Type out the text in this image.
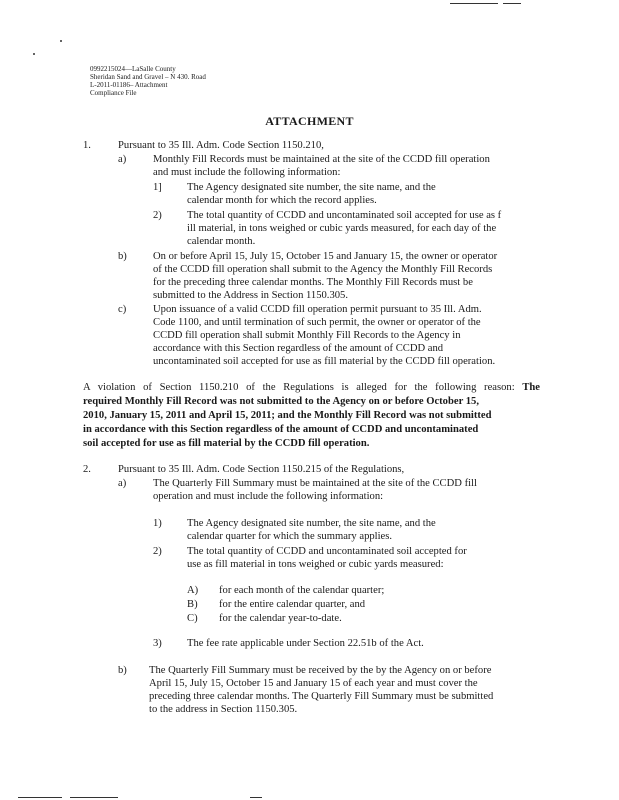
0992215024—LaSalle County
Sheridan Sand and Gravel – N 430. Road
L-2011-01186– Attachment
Compliance File
ATTACHMENT
1.	Pursuant to 35 Ill. Adm. Code Section 1150.210,
a)	Monthly Fill Records must be maintained at the site of the CCDD fill operation
and must include the following information:
1] The Agency designated site number, the site name, and the
calendar month for which the record applies.
2) The total quantity of CCDD and uncontaminated soil accepted for use as f
ill material, in tons weighed or cubic yards measured, for each day of the
calendar month.
b) On or before April 15, July 15, October 15 and January 15, the owner or operator
of the CCDD fill operation shall submit to the Agency the Monthly Fill Records
for the preceding three calendar months. The Monthly Fill Records must be
submitted to the Address in Section 1150.305.
c)	Upon issuance of a valid CCDD fill operation permit pursuant to 35 Ill. Adm.
Code 1100, and until termination of such permit, the owner or operator of the
CCDD fill operation shall submit Monthly Fill Records to the Agency in
accordance with this Section regardless of the amount of CCDD and
uncontaminated soil accepted for use as fill material by the CCDD fill operation.
A violation of Section 1150.210 of the Regulations is alleged for the following reason: The
required Monthly Fill Record was not submitted to the Agency on or before October 15,
2010, January 15, 2011 and April 15, 2011; and the Monthly Fill Record was not submitted
in accordance with this Section regardless of the amount of CCDD and uncontaminated
soil accepted for use as fill material by the CCDD fill operation.
2.	Pursuant to 35 Ill. Adm. Code Section 1150.215 of the Regulations,
a)	The Quarterly Fill Summary must be maintained at the site of the CCDD fill
operation and must include the following information:
1) The Agency designated site number, the site name, and the
calendar quarter for which the summary applies.
2) The total quantity of CCDD and uncontaminated soil accepted for
use as fill material in tons weighed or cubic yards measured:
A) for each month of the calendar quarter;
B) for the entire calendar quarter, and
C) for the calendar year-to-date.
3) The fee rate applicable under Section 22.51b of the Act.
b) The Quarterly Fill Summary must be received by the by the Agency on or before
April 15, July 15, October 15 and January 15 of each year and must cover the
preceding three calendar months. The Quarterly Fill Summary must be submitted
to the address in Section 1150.305.
